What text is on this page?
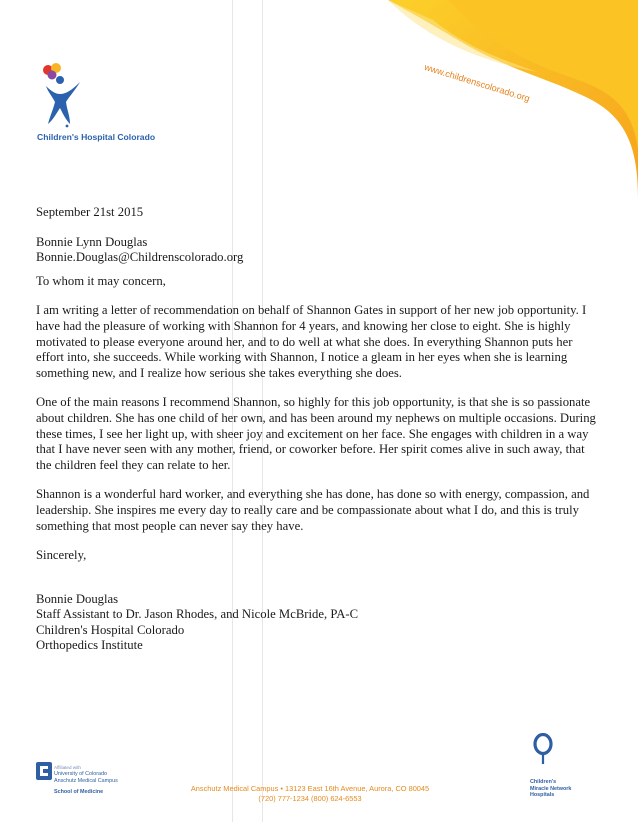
www.childrenscolorado.org
Children's Hospital Colorado

September 21st 2015

Bonnie Lynn Douglas

Bonnie.Douglas@Childrenscolorado.org

To whom it may concern,

I am writing a letter of recommendation on behalf of Shannon Gates in support of her new job opportunity. I have had the pleasure of working with Shannon for 4 years, and knowing her close to eight. She is highly motivated to please everyone around her, and to do well at what she does. In everything Shannon puts her effort into, she succeeds. While working with Shannon, I notice a gleam in her eyes when she is learning something new, and I realize how serious she takes everything she does.

One of the main reasons I recommend Shannon, so highly for this job opportunity, is that she is so passionate about children. She has one child of her own, and has been around my nephews on multiple occasions. During these times, I see her light up, with sheer joy and excitement on her face. She engages with children in a way that I have never seen with any mother, friend, or coworker before. Her spirit comes alive in such away, that the children feel they can relate to her.

Shannon is a wonderful hard worker, and everything she has done, has done so with energy, compassion, and leadership. She inspires me every day to really care and be compassionate about what I do, and this is truly something that most people can never say they have.

Sincerely,

Bonnie Douglas

Staff Assistant to Dr. Jason Rhodes, and Nicole McBride, PA-C

Children's Hospital Colorado

Orthopedics Institute

Affiliated with
University of Colorado
Anschutz Medical Campus
School of Medicine	Anschutz Medical Campus • 13123 East 16th Avenue, Aurora, CO 80045
(720) 777-1234 (800) 624-6553
Children's
Miracle Network
Hospitals
